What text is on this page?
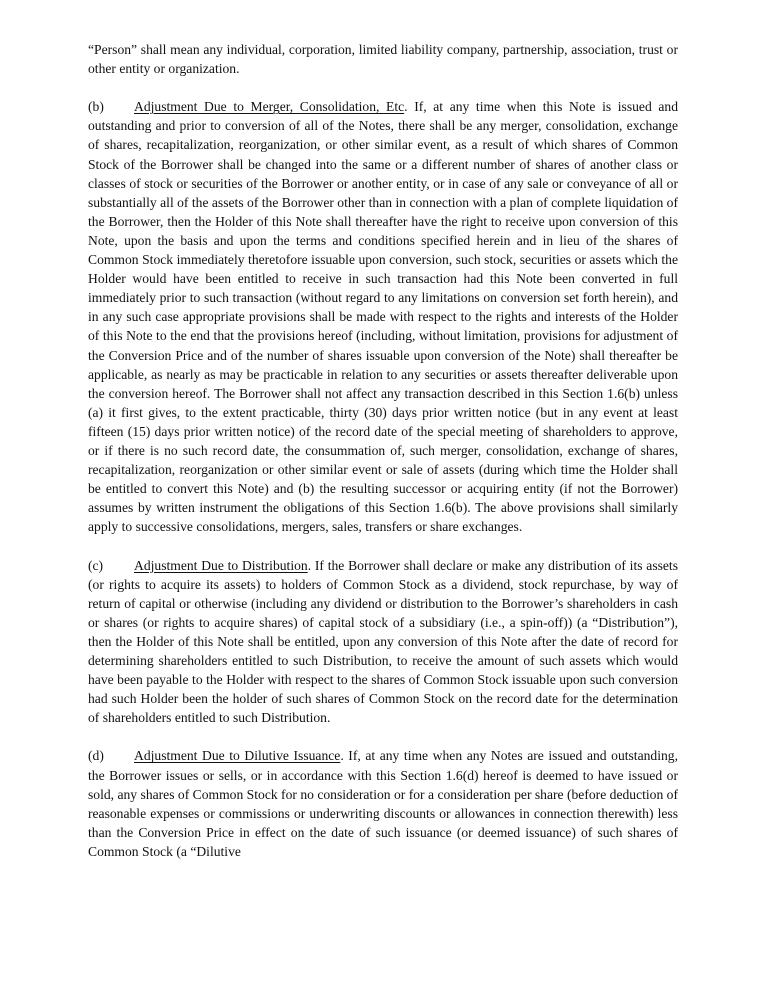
“Person” shall mean any individual, corporation, limited liability company, partnership, association, trust or other entity or organization.

(b) Adjustment Due to Merger, Consolidation, Etc. If, at any time when this Note is issued and outstanding and prior to conversion of all of the Notes, there shall be any merger, consolidation, exchange of shares, recapitalization, reorganization, or other similar event, as a result of which shares of Common Stock of the Borrower shall be changed into the same or a different number of shares of another class or classes of stock or securities of the Borrower or another entity, or in case of any sale or conveyance of all or substantially all of the assets of the Borrower other than in connection with a plan of complete liquidation of the Borrower, then the Holder of this Note shall thereafter have the right to receive upon conversion of this Note, upon the basis and upon the terms and conditions specified herein and in lieu of the shares of Common Stock immediately theretofore issuable upon conversion, such stock, securities or assets which the Holder would have been entitled to receive in such transaction had this Note been converted in full immediately prior to such transaction (without regard to any limitations on conversion set forth herein), and in any such case appropriate provisions shall be made with respect to the rights and interests of the Holder of this Note to the end that the provisions hereof (including, without limitation, provisions for adjustment of the Conversion Price and of the number of shares issuable upon conversion of the Note) shall thereafter be applicable, as nearly as may be practicable in relation to any securities or assets thereafter deliverable upon the conversion hereof. The Borrower shall not affect any transaction described in this Section 1.6(b) unless (a) it first gives, to the extent practicable, thirty (30) days prior written notice (but in any event at least fifteen (15) days prior written notice) of the record date of the special meeting of shareholders to approve, or if there is no such record date, the consummation of, such merger, consolidation, exchange of shares, recapitalization, reorganization or other similar event or sale of assets (during which time the Holder shall be entitled to convert this Note) and (b) the resulting successor or acquiring entity (if not the Borrower) assumes by written instrument the obligations of this Section 1.6(b). The above provisions shall similarly apply to successive consolidations, mergers, sales, transfers or share exchanges.

(c) Adjustment Due to Distribution. If the Borrower shall declare or make any distribution of its assets (or rights to acquire its assets) to holders of Common Stock as a dividend, stock repurchase, by way of return of capital or otherwise (including any dividend or distribution to the Borrower’s shareholders in cash or shares (or rights to acquire shares) of capital stock of a subsidiary (i.e., a spin-off)) (a “Distribution”), then the Holder of this Note shall be entitled, upon any conversion of this Note after the date of record for determining shareholders entitled to such Distribution, to receive the amount of such assets which would have been payable to the Holder with respect to the shares of Common Stock issuable upon such conversion had such Holder been the holder of such shares of Common Stock on the record date for the determination of shareholders entitled to such Distribution.

(d) Adjustment Due to Dilutive Issuance. If, at any time when any Notes are issued and outstanding, the Borrower issues or sells, or in accordance with this Section 1.6(d) hereof is deemed to have issued or sold, any shares of Common Stock for no consideration or for a consideration per share (before deduction of reasonable expenses or commissions or underwriting discounts or allowances in connection therewith) less than the Conversion Price in effect on the date of such issuance (or deemed issuance) of such shares of Common Stock (a “Dilutive
